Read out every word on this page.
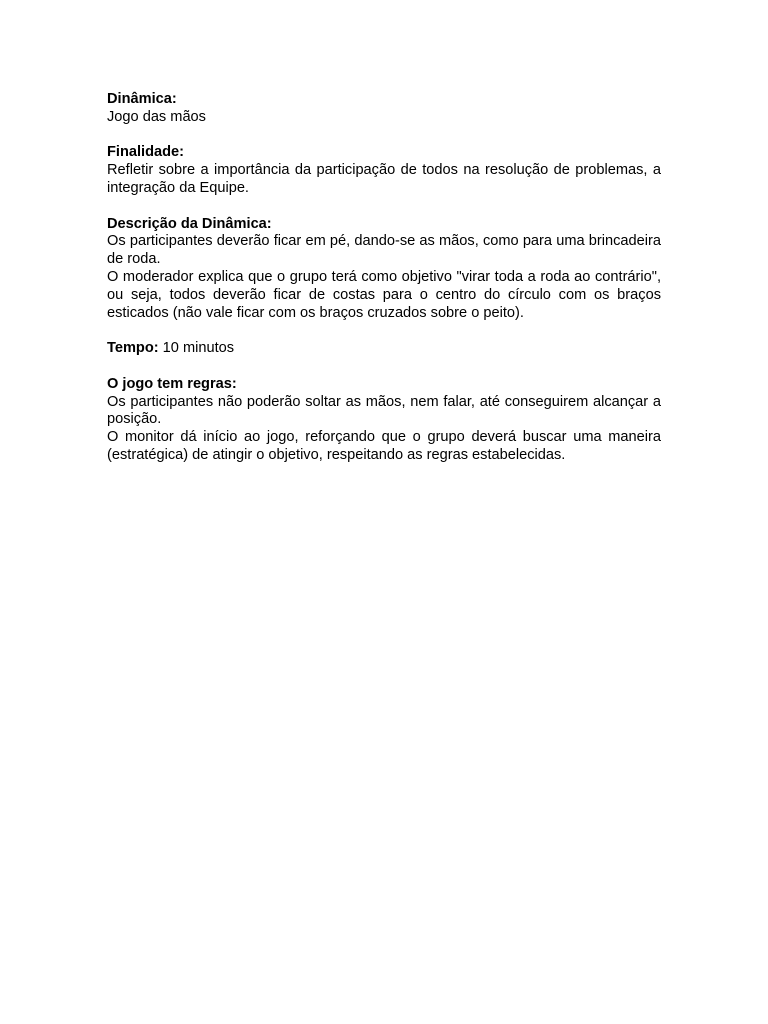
Dinâmica:
Jogo das mãos
Finalidade:
Refletir sobre a importância da participação de todos na resolução de problemas, a integração da Equipe.
Descrição da Dinâmica:
Os participantes deverão ficar em pé, dando-se as mãos, como para uma brincadeira de roda.
O moderador explica que o grupo terá como objetivo "virar toda a roda ao contrário", ou seja, todos deverão ficar de costas para o centro do círculo com os braços esticados (não vale ficar com os braços cruzados sobre o peito).
Tempo: 10 minutos
O jogo tem regras:
Os participantes não poderão soltar as mãos, nem falar, até conseguirem alcançar a posição.
O monitor dá início ao jogo, reforçando que o grupo deverá buscar uma maneira (estratégica) de atingir o objetivo, respeitando as regras estabelecidas.
